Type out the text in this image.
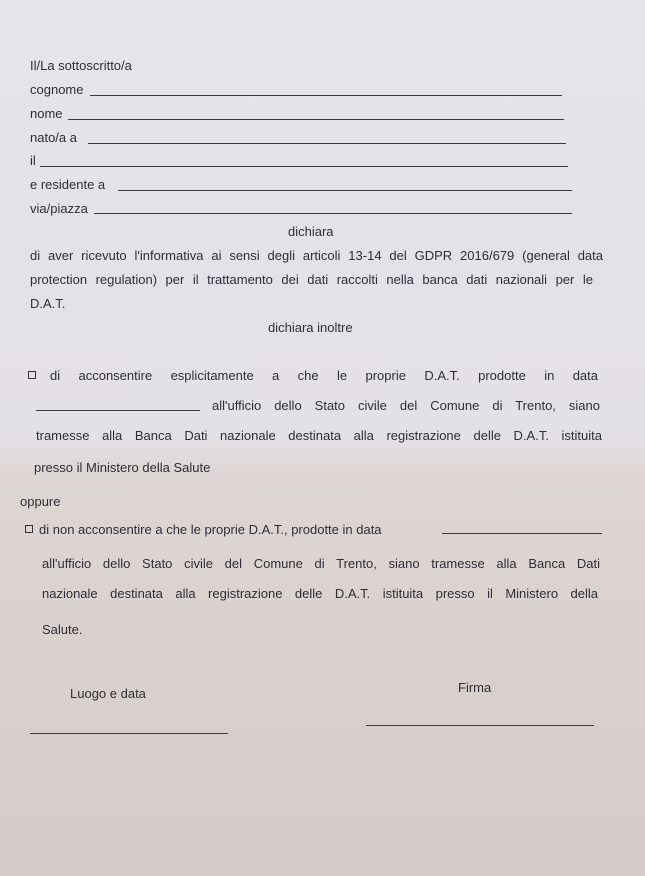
Il/La sottoscritto/a
cognome
nome
nato/a a
il
e residente a
via/piazza
dichiara
di aver ricevuto l'informativa ai sensi degli articoli 13-14 del GDPR 2016/679 (general data
protection regulation) per il trattamento dei dati raccolti nella banca dati nazionali per le
D.A.T.
dichiara inoltre
di acconsentire esplicitamente a che le proprie D.A.T. prodotte in data
all'ufficio dello Stato civile del Comune di Trento, siano
tramesse alla Banca Dati nazionale destinata alla registrazione delle D.A.T. istituita
presso il Ministero della Salute
oppure
di non acconsentire a che le proprie D.A.T., prodotte in data
all'ufficio dello Stato civile del Comune di Trento, siano tramesse alla Banca Dati
nazionale destinata alla registrazione delle D.A.T. istituita presso il Ministero della
Salute.
Luogo e data	Firma
